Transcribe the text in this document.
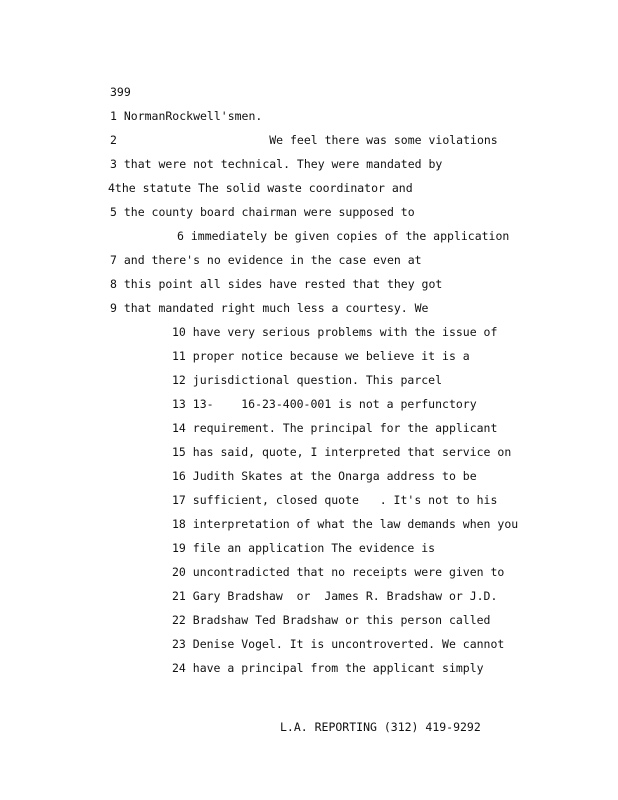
399
1 NormanRockwell'smen.
2                      We feel there was some violations
3 that were not technical. They were mandated by
4the statute The solid waste coordinator and
5 the county board chairman were supposed to
6 immediately be given copies of the application
7 and there's no evidence in the case even at
8 this point all sides have rested that they got
9 that mandated right much less a courtesy. We
10 have very serious problems with the issue of
11 proper notice because we believe it is a
12 jurisdictional question. This parcel
13 13-    16-23-400-001 is not a perfunctory
14 requirement. The principal for the applicant
15 has said, quote, I interpreted that service on
16 Judith Skates at the Onarga address to be
17 sufficient, closed quote   . It's not to his
18 interpretation of what the law demands when you
19 file an application The evidence is
20 uncontradicted that no receipts were given to
21 Gary Bradshaw  or  James R. Bradshaw or J.D.
22 Bradshaw Ted Bradshaw or this person called
23 Denise Vogel. It is uncontroverted. We cannot
24 have a principal from the applicant simply
L.A. REPORTING (312) 419-9292
